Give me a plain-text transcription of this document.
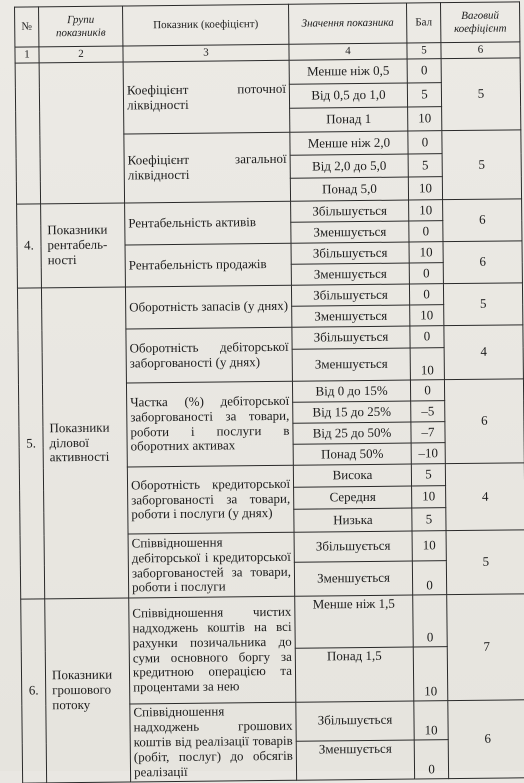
№	Групи показників	Показник (коефіцієнт)	Значення показника	Бал	Ваговий коефіцієнт
1	2	3	4	5	6
		Коефіцієнт поточної ліквідності	Менше ніж 0,5	0	5
			Від 0,5 до 1,0	5	
			Понад 1	10	
		Коефіцієнт загальної ліквідності	Менше ніж 2,0	0	5
			Від 2,0 до 5,0	5	
			Понад 5,0	10	
4.	Показники рентабель-ності	Рентабельність активів	Збільшується	10	6
			Зменшується	0	
		Рентабельність продажів	Збільшується	10	6
			Зменшується	0	
5.	Показники ділової активності	Оборотність запасів (у днях)	Збільшується	0	5
			Зменшується	10	
		Оборотність дебіторської заборгованості (у днях)	Збільшується	0	4
			Зменшується	10	
		Частка (%) дебіторської заборгованості за товари, роботи і послуги в оборотних активах	Від 0 до 15%	0	6
			Від 15 до 25%	–5	
			Від 25 до 50%	–7	
			Понад 50%	–10	
		Оборотність кредиторської заборгованості за товари, роботи і послуги (у днях)	Висока	5	4
			Середня	10	
			Низька	5	
		Співвідношення дебіторської і кредиторської заборгованостей за товари, роботи і послуги	Збільшується	10	5
			Зменшується	0	
6.	Показники грошового потоку	Співвідношення чистих надходжень коштів на всі рахунки позичальника до суми основного боргу за кредитною операцією та процентами за нею	Менше ніж 1,5	0	7
			Понад 1,5	10	
		Співвідношення надходжень грошових коштів від реалізації товарів (робіт, послуг) до обсягів реалізації	Збільшується	10	6
			Зменшується	0	
